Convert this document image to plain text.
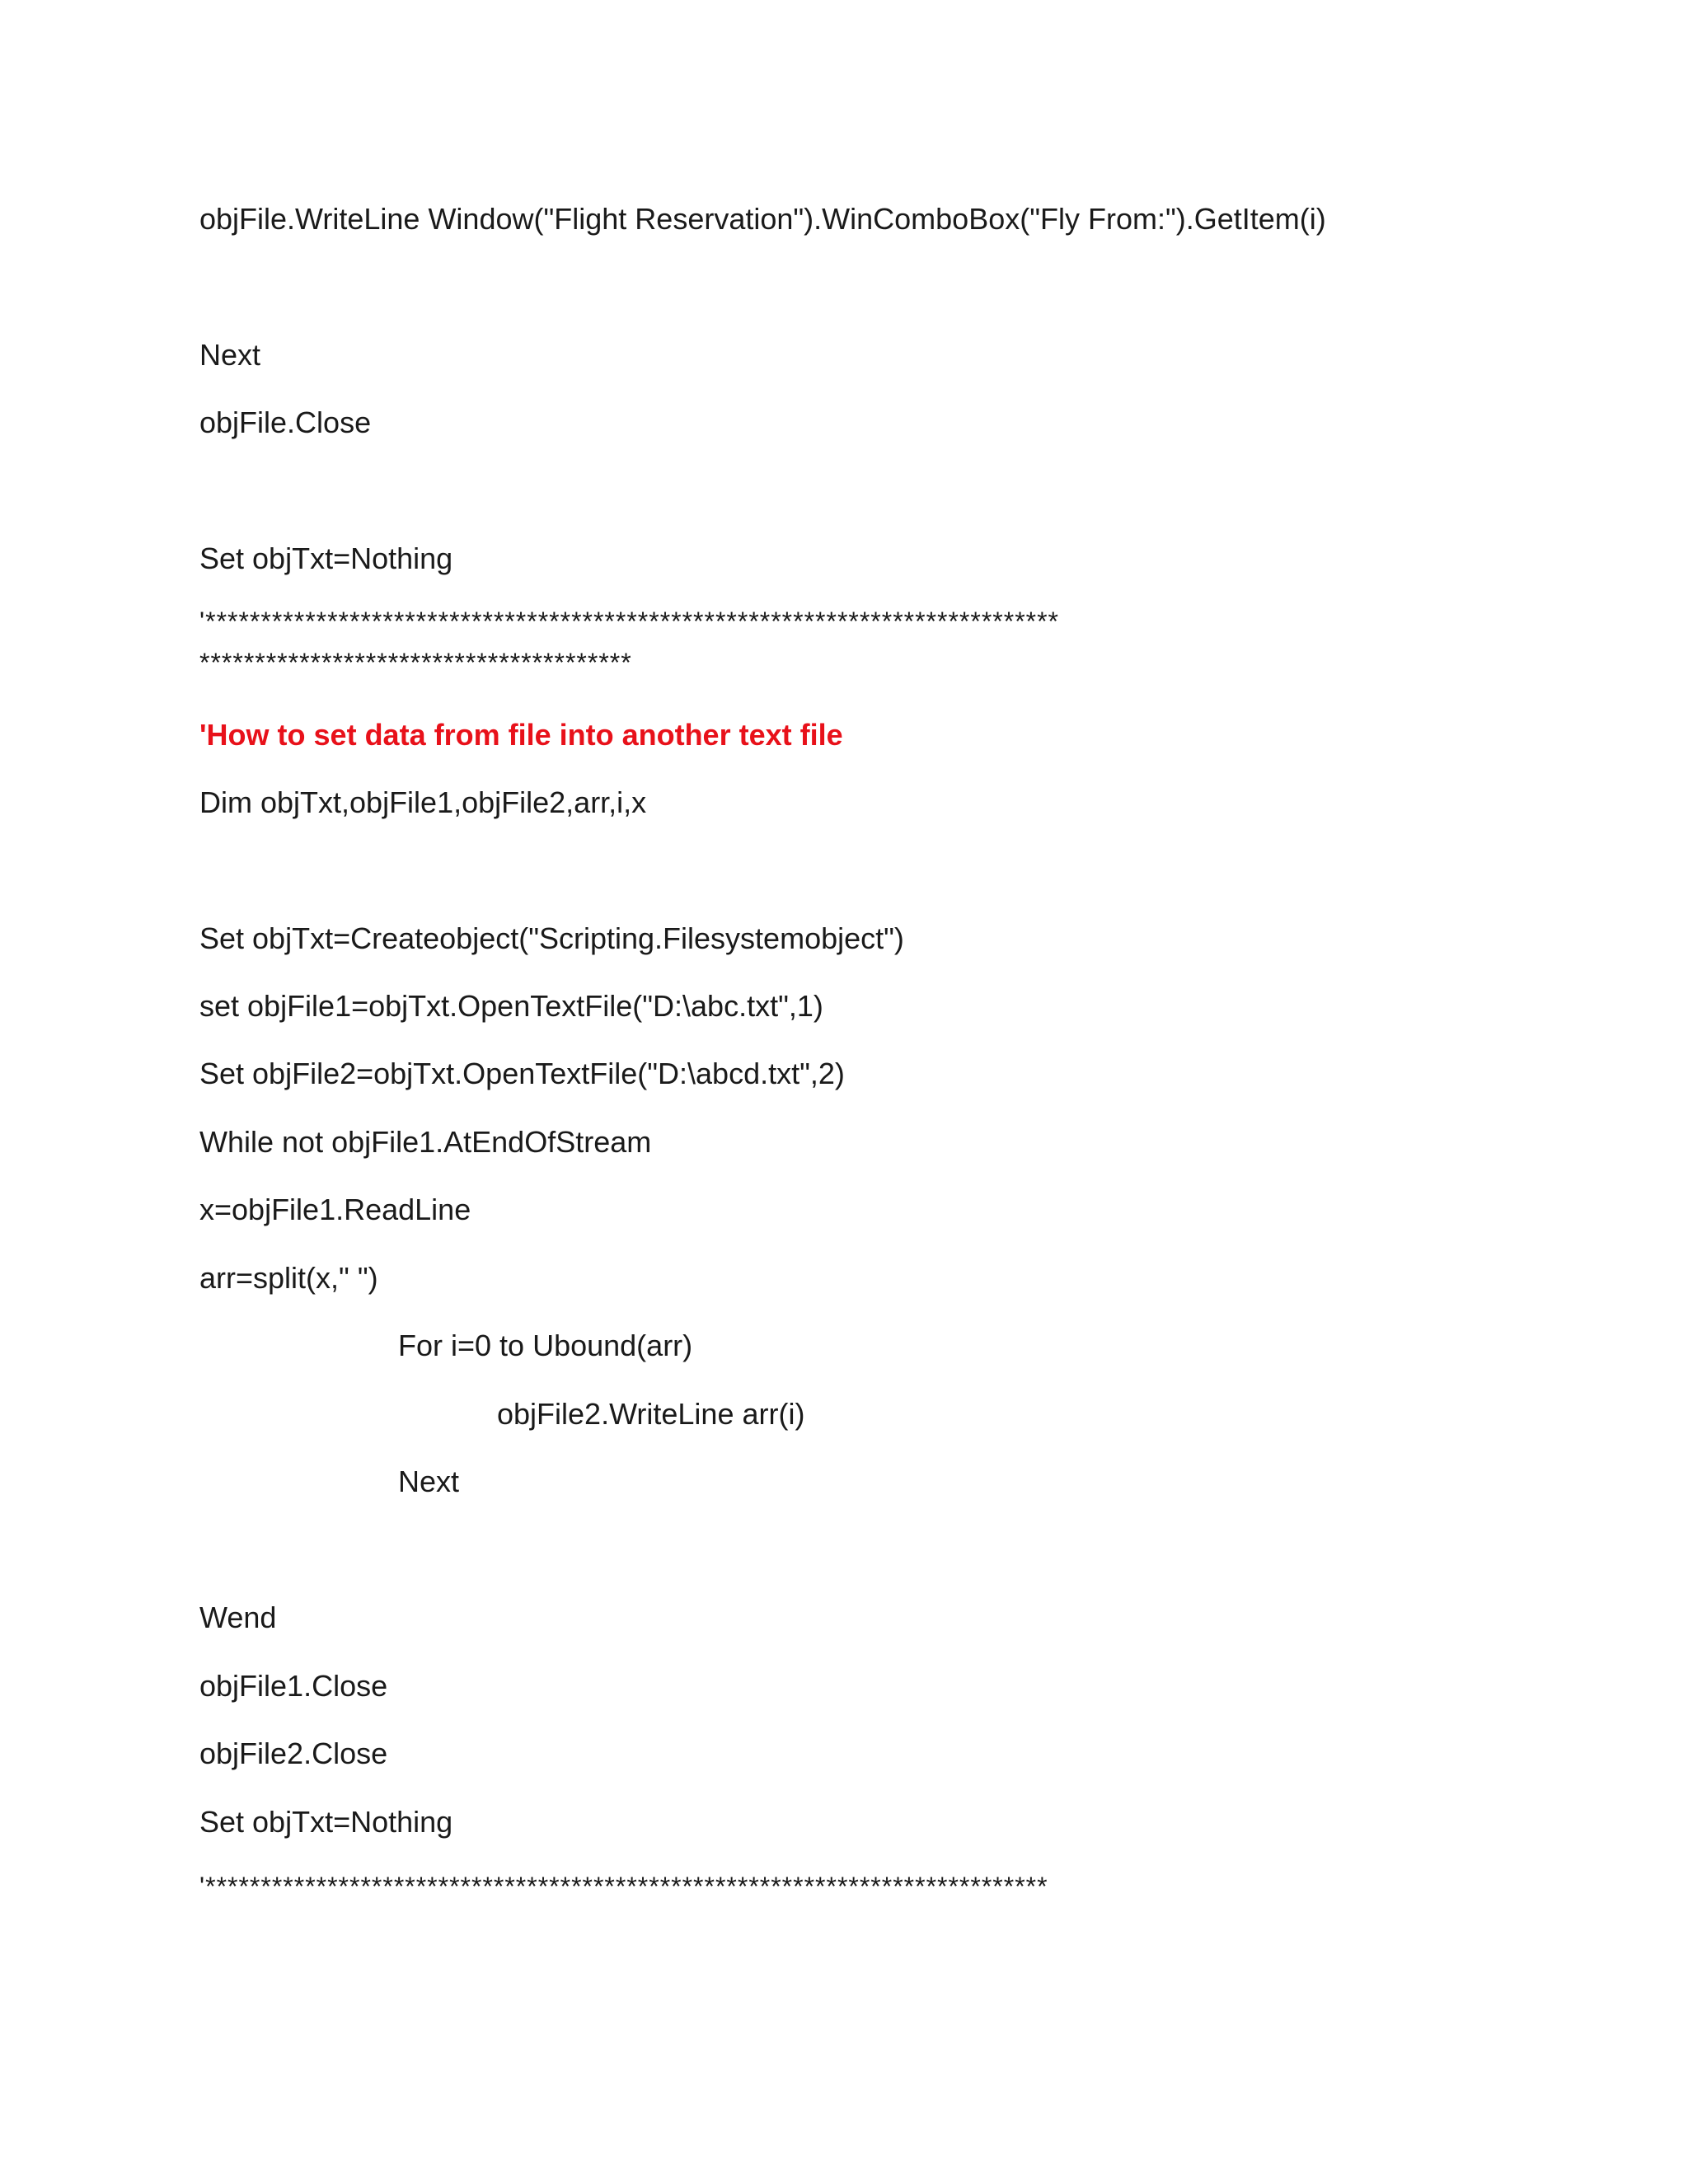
objFile.WriteLine Window("Flight Reservation").WinComboBox("Fly From:").GetItem(i)
Next
objFile.Close
Set objTxt=Nothing
'*****************************************************************************
***************************************
'How to set data from file into another text file
Dim objTxt,objFile1,objFile2,arr,i,x
Set objTxt=Createobject("Scripting.Filesystemobject")
set objFile1=objTxt.OpenTextFile("D:\abc.txt",1)
Set objFile2=objTxt.OpenTextFile("D:\abcd.txt",2)
While not objFile1.AtEndOfStream
x=objFile1.ReadLine
arr=split(x," ")
For i=0 to Ubound(arr)
objFile2.WriteLine arr(i)
Next
Wend
objFile1.Close
objFile2.Close
Set objTxt=Nothing
'****************************************************************************
